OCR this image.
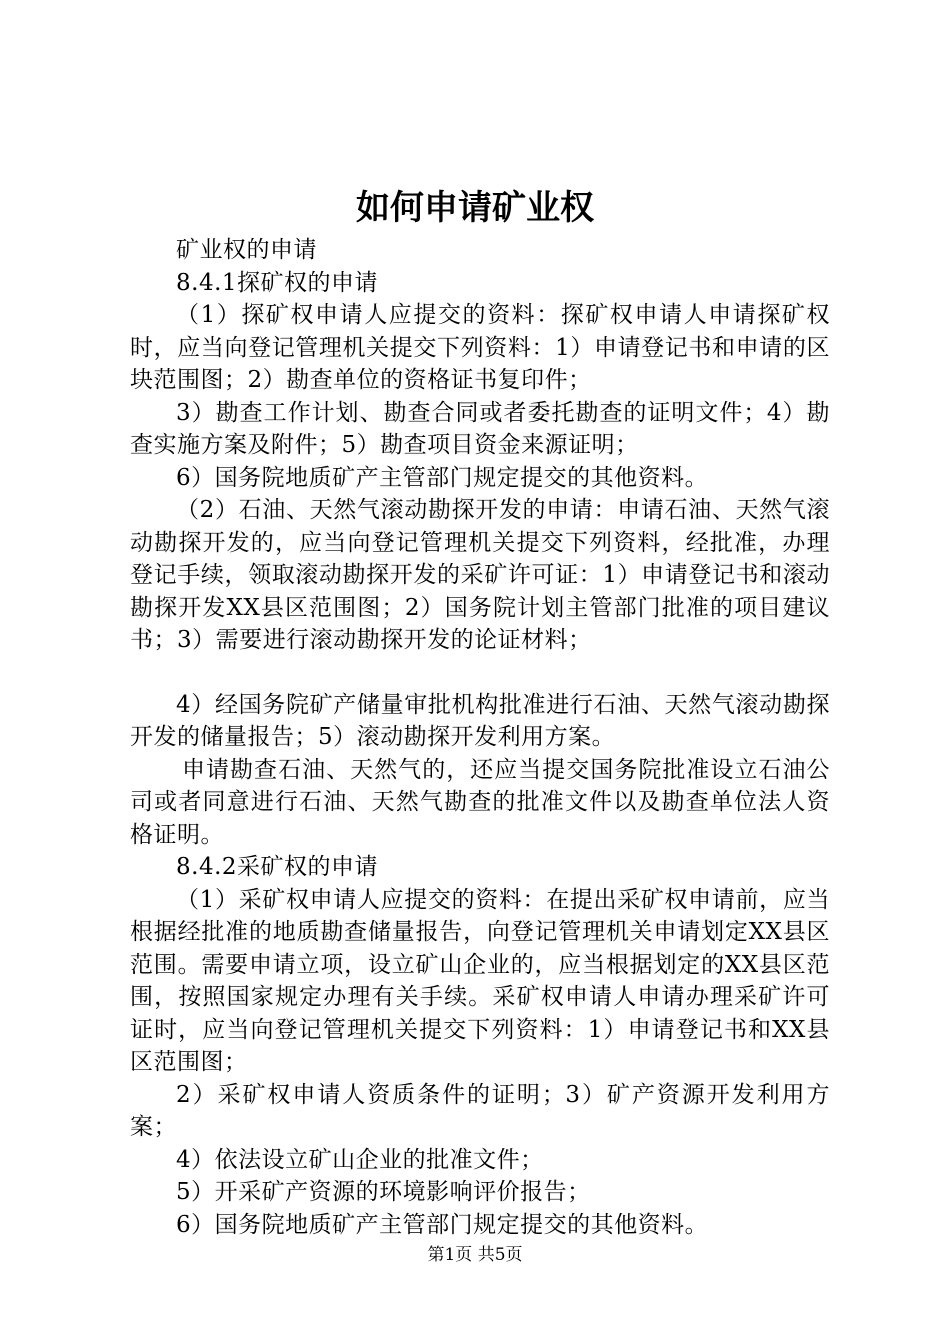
如何申请矿业权

矿业权的申请

8.4.1探矿权的申请

（1）探矿权申请人应提交的资料：探矿权申请人申请探矿权时，应当向登记管理机关提交下列资料：1）申请登记书和申请的区块范围图；2）勘查单位的资格证书复印件；

3）勘查工作计划、勘查合同或者委托勘查的证明文件；4）勘查实施方案及附件；5）勘查项目资金来源证明；

6）国务院地质矿产主管部门规定提交的其他资料。

（2）石油、天然气滚动勘探开发的申请：申请石油、天然气滚动勘探开发的，应当向登记管理机关提交下列资料，经批准，办理登记手续，领取滚动勘探开发的采矿许可证：1）申请登记书和滚动勘探开发XX县区范围图；2）国务院计划主管部门批准的项目建议书；3）需要进行滚动勘探开发的论证材料；

4）经国务院矿产储量审批机构批准进行石油、天然气滚动勘探开发的储量报告；5）滚动勘探开发利用方案。

申请勘查石油、天然气的，还应当提交国务院批准设立石油公司或者同意进行石油、天然气勘查的批准文件以及勘查单位法人资格证明。

8.4.2采矿权的申请

（1）采矿权申请人应提交的资料：在提出采矿权申请前，应当根据经批准的地质勘查储量报告，向登记管理机关申请划定XX县区范围。需要申请立项，设立矿山企业的，应当根据划定的XX县区范围，按照国家规定办理有关手续。采矿权申请人申请办理采矿许可证时，应当向登记管理机关提交下列资料：1）申请登记书和XX县区范围图；

2）采矿权申请人资质条件的证明；3）矿产资源开发利用方案；

4）依法设立矿山企业的批准文件；

5）开采矿产资源的环境影响评价报告；

6）国务院地质矿产主管部门规定提交的其他资料。

第1页 共5页
